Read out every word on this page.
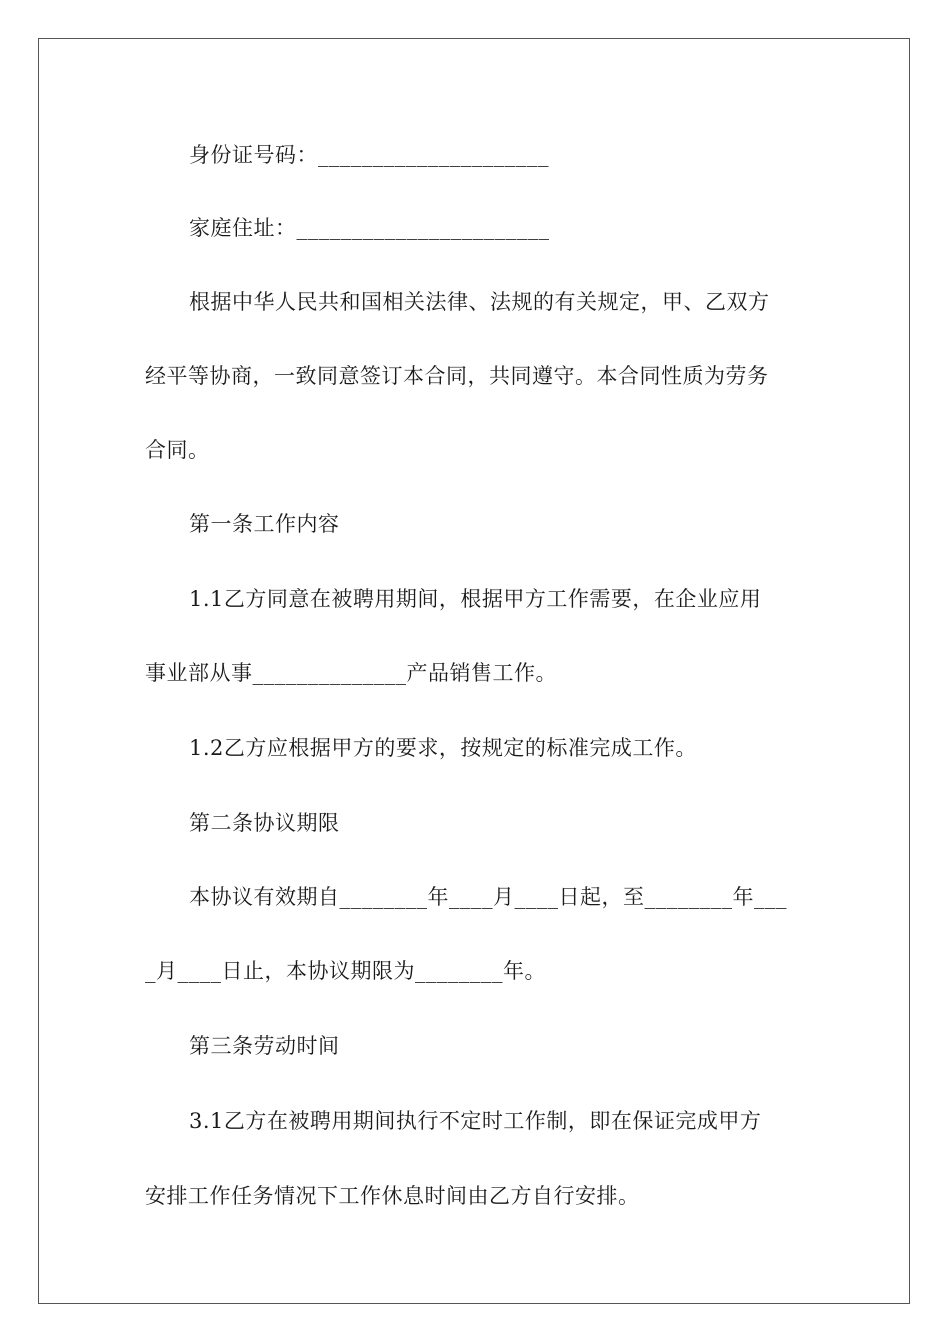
身份证号码：_____________________
家庭住址：_______________________
根据中华人民共和国相关法律、法规的有关规定，甲、乙双方
经平等协商，一致同意签订本合同，共同遵守。本合同性质为劳务
合同。
第一条工作内容
1.1乙方同意在被聘用期间，根据甲方工作需要，在企业应用
事业部从事______________产品销售工作。
1.2乙方应根据甲方的要求，按规定的标准完成工作。
第二条协议期限
本协议有效期自________年____月____日起，至________年___
_月____日止，本协议期限为________年。
第三条劳动时间
3.1乙方在被聘用期间执行不定时工作制，即在保证完成甲方
安排工作任务情况下工作休息时间由乙方自行安排。
